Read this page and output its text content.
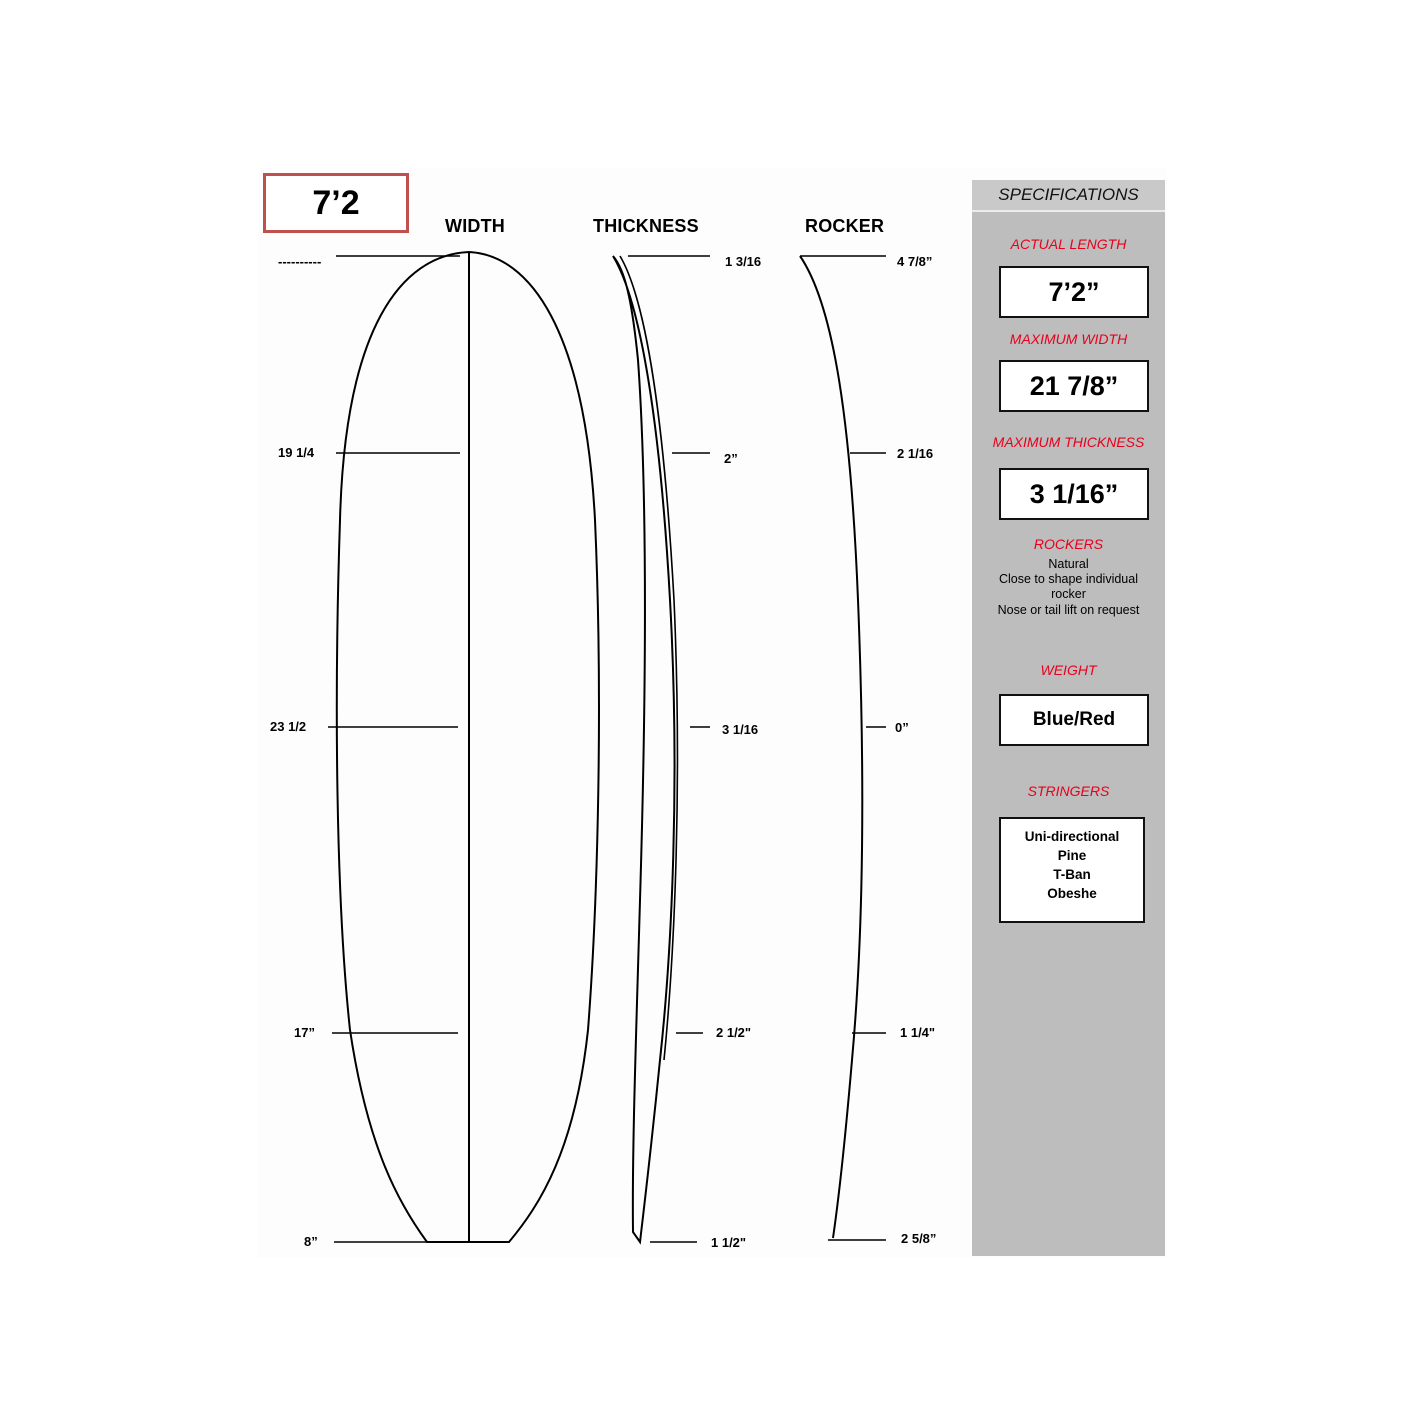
7’2
WIDTH	THICKNESS	ROCKER
----------
19 1/4
23 1/2
17”
8”
1 3/16
2”
3 1/16
2 1/2"
1 1/2"
4 7/8”
2 1/16
0”
1 1/4"
2 5/8”
SPECIFICATIONS
ACTUAL LENGTH
7’2”
MAXIMUM WIDTH
21 7/8”
MAXIMUM THICKNESS
3 1/16”
ROCKERS
Natural
Close to shape individual
rocker
Nose or tail lift on request
WEIGHT
Blue/Red
STRINGERS
Uni-directional
Pine
T-Ban
Obeshe
